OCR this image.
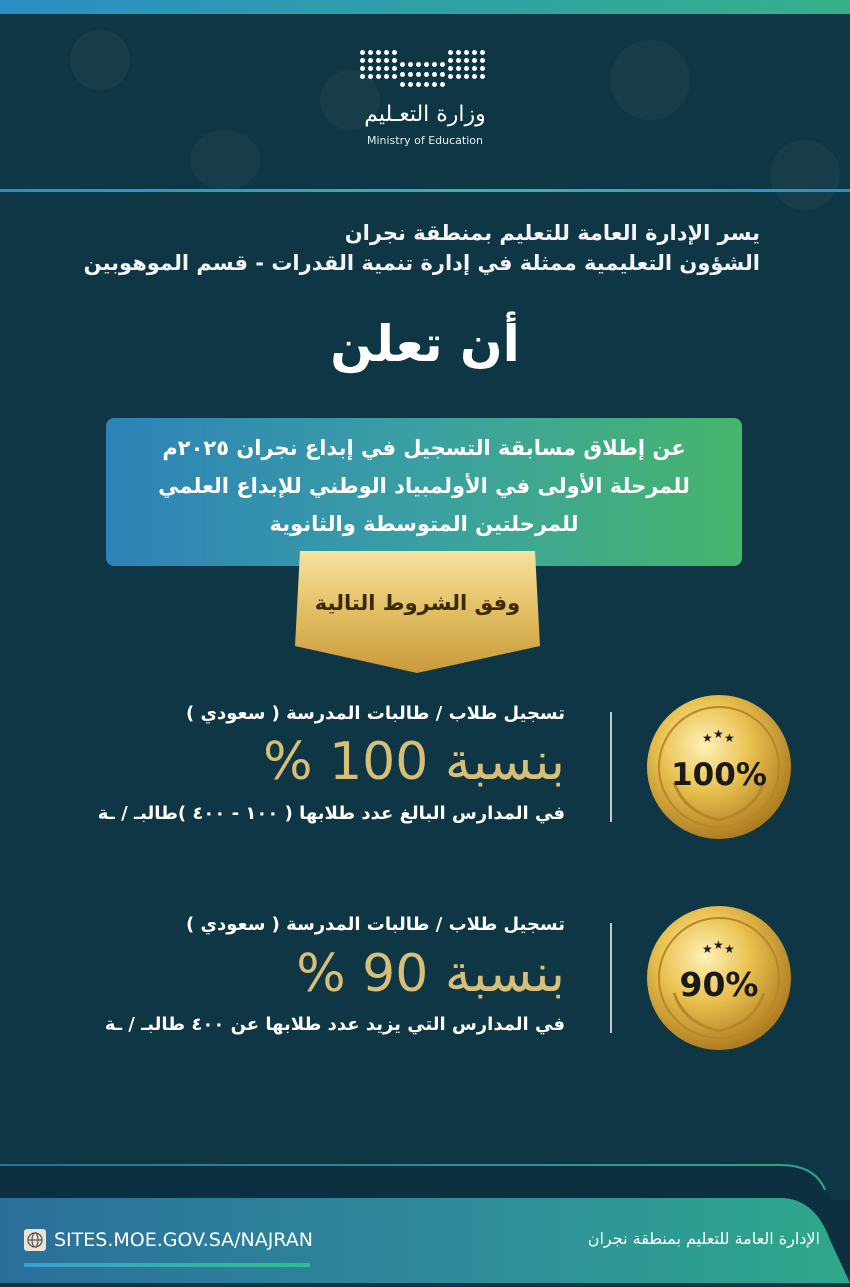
وزارة التعـليم
Ministry of Education
يسر الإدارة العامة للتعليم بمنطقة نجران
الشؤون التعليمية ممثلة في إدارة تنمية القدرات - قسم الموهوبين
أن تعلن
عن إطلاق مسابقة التسجيل في إبداع نجران ٢٠٢٥م
للمرحلة الأولى في الأولمبياد الوطني للإبداع العلمي
للمرحلتين المتوسطة والثانوية
وفق الشروط التالية
تسجيل طلاب / طالبات المدرسة ( سعودي )
بنسبة 100 %
في المدارس البالغ عدد طلابها ( ١٠٠ - ٤٠٠ )طالبـ / ـة
★ ★ ★
100%
تسجيل طلاب / طالبات المدرسة ( سعودي )
بنسبة 90 %
في المدارس التي يزيد عدد طلابها عن ٤٠٠ طالبـ / ـة
★ ★ ★
90%
SITES.MOE.GOV.SA/NAJRAN	الإدارة العامة للتعليم بمنطقة نجران
